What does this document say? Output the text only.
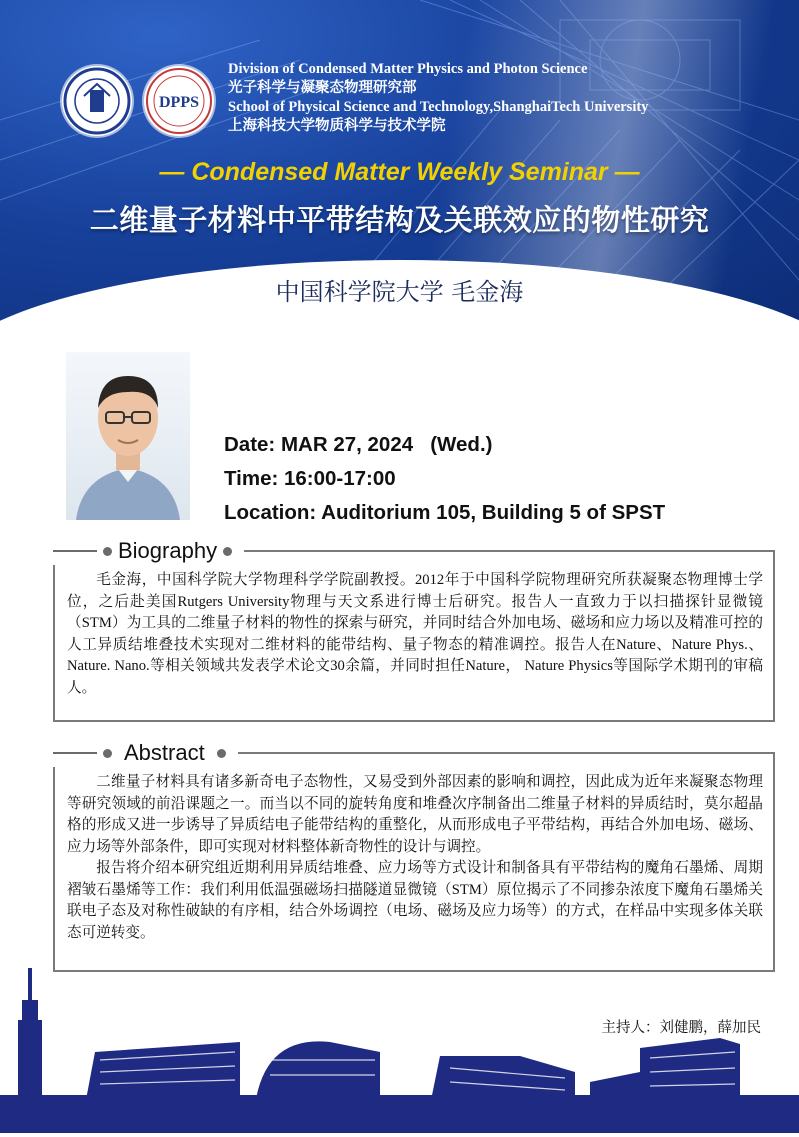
DPPS
Division of Condensed Matter Physics and Photon Science
光子科学与凝聚态物理研究部
School of Physical Science and Technology,ShanghaiTech University
上海科技大学物质科学与技术学院
— Condensed Matter Weekly Seminar —
二维量子材料中平带结构及关联效应的物性研究
中国科学院大学 毛金海
Date: MAR 27, 2024   (Wed.)
Time: 16:00-17:00
Location: Auditorium 105, Building 5 of SPST
Biography

毛金海，中国科学院大学物理科学学院副教授。2012年于中国科学院物理研究所获凝聚态物理博士学位，之后赴美国Rutgers University物理与天文系进行博士后研究。报告人一直致力于以扫描探针显微镜（STM）为工具的二维量子材料的物性的探索与研究，并同时结合外加电场、磁场和应力场以及精准可控的人工异质结堆叠技术实现对二维材料的能带结构、量子物态的精准调控。报告人在Nature、Nature Phys.、Nature. Nano.等相关领域共发表学术论文30余篇，并同时担任Nature， Nature Physics等国际学术期刊的审稿人。

Abstract

二维量子材料具有诸多新奇电子态物性，又易受到外部因素的影响和调控，因此成为近年来凝聚态物理等研究领域的前沿课题之一。而当以不同的旋转角度和堆叠次序制备出二维量子材料的异质结时，莫尔超晶格的形成又进一步诱导了异质结电子能带结构的重整化，从而形成电子平带结构，再结合外加电场、磁场、应力场等外部条件，即可实现对材料整体新奇物性的设计与调控。

报告将介绍本研究组近期利用异质结堆叠、应力场等方式设计和制备具有平带结构的魔角石墨烯、周期褶皱石墨烯等工作：我们利用低温强磁场扫描隧道显微镜（STM）原位揭示了不同掺杂浓度下魔角石墨烯关联电子态及对称性破缺的有序相，结合外场调控（电场、磁场及应力场等）的方式，在样品中实现多体关联态可逆转变。

主持人：刘健鹏，薛加民
